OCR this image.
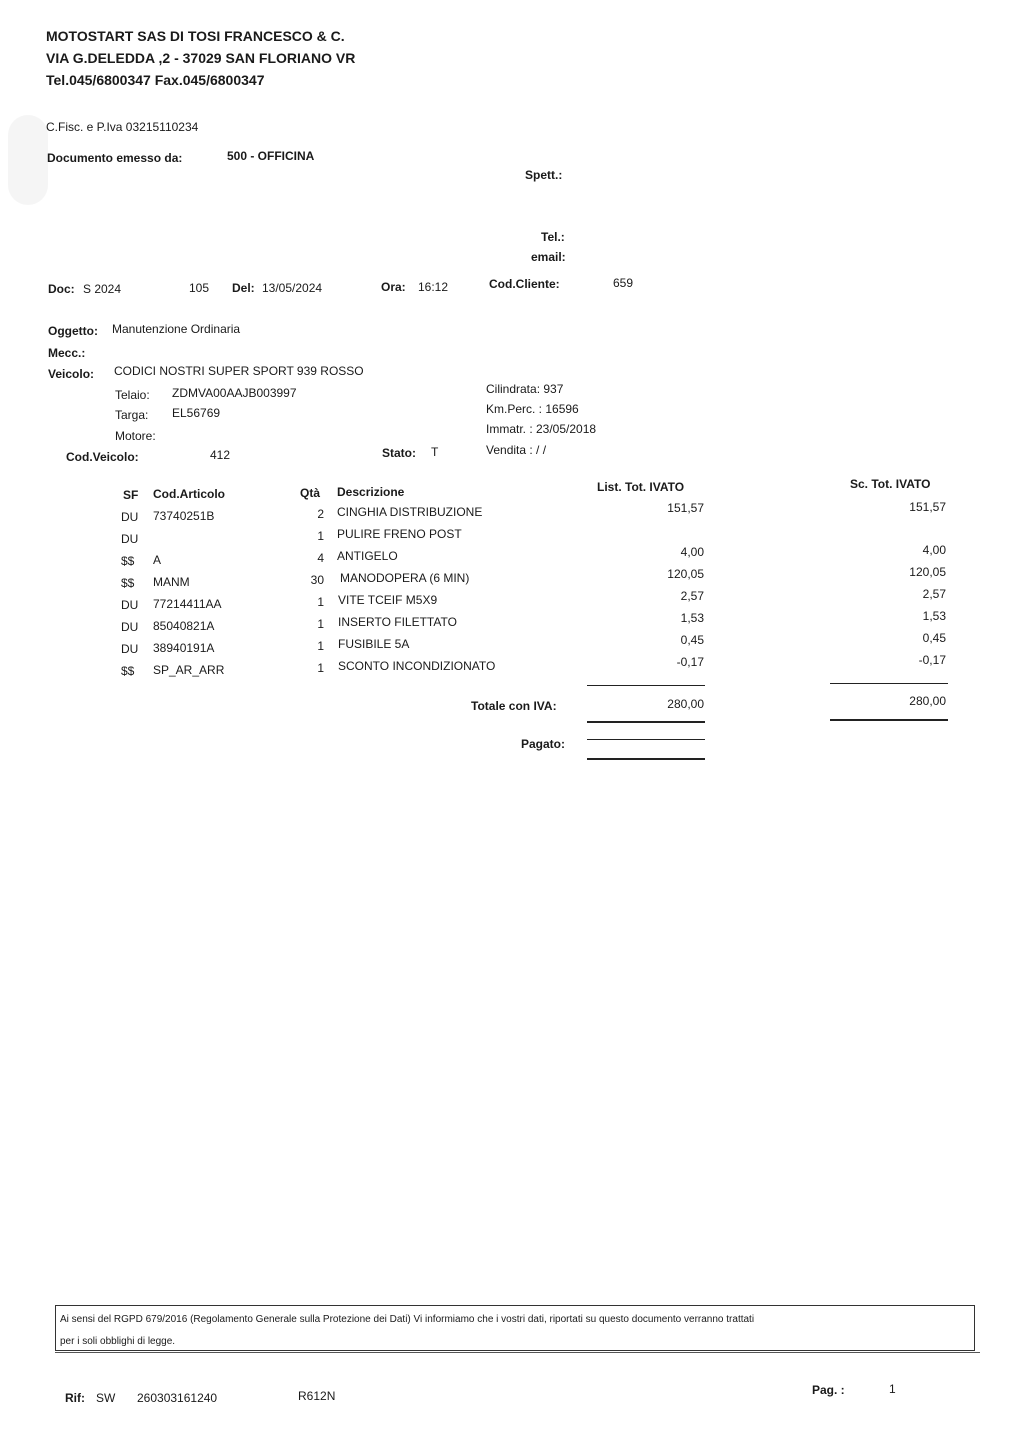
MOTOSTART SAS DI TOSI FRANCESCO & C.
VIA G.DELEDDA ,2 - 37029 SAN FLORIANO VR
Tel.045/6800347 Fax.045/6800347
C.Fisc. e P.Iva 03215110234
Documento emesso da:	500 - OFFICINA
Spett.:
Tel.:
email:
Doc: S 2024	105 Del: 13/05/2024	Ora: 16:12	Cod.Cliente:	659
Oggetto: Manutenzione Ordinaria
Mecc.:
Veicolo: CODICI NOSTRI SUPER SPORT 939 ROSSO
Telaio: ZDMVA00AAJB003997
Targa: EL56769
Motore:
Cod.Veicolo:	412	Stato: T
Cilindrata: 937
Km.Perc. : 16596
Immatr. : 23/05/2018
Vendita : / /
SF Cod.Articolo	Qtà Descrizione	List. Tot. IVATO	Sc. Tot. IVATO
DU 73740251B	2 CINGHIA DISTRIBUZIONE	151,57	151,57
DU	1 PULIRE FRENO POST
$$ A	4 ANTIGELO	4,00	4,00
$$ MANM	30 MANODOPERA (6 MIN)	120,05	120,05
DU 77214411AA	1 VITE TCEIF M5X9	2,57	2,57
DU 85040821A	1 INSERTO FILETTATO	1,53	1,53
DU 38940191A	1 FUSIBILE 5A	0,45	0,45
$$ SP_AR_ARR	1 SCONTO INCONDIZIONATO	-0,17	-0,17
Totale con IVA:	280,00	280,00
Pagato:
Ai sensi del RGPD 679/2016 (Regolamento Generale sulla Protezione dei Dati) Vi informiamo che i vostri dati, riportati su questo documento verranno trattati
per i soli obblighi di legge.
Rif: SW 260303161240	R612N	Pag. :	1
